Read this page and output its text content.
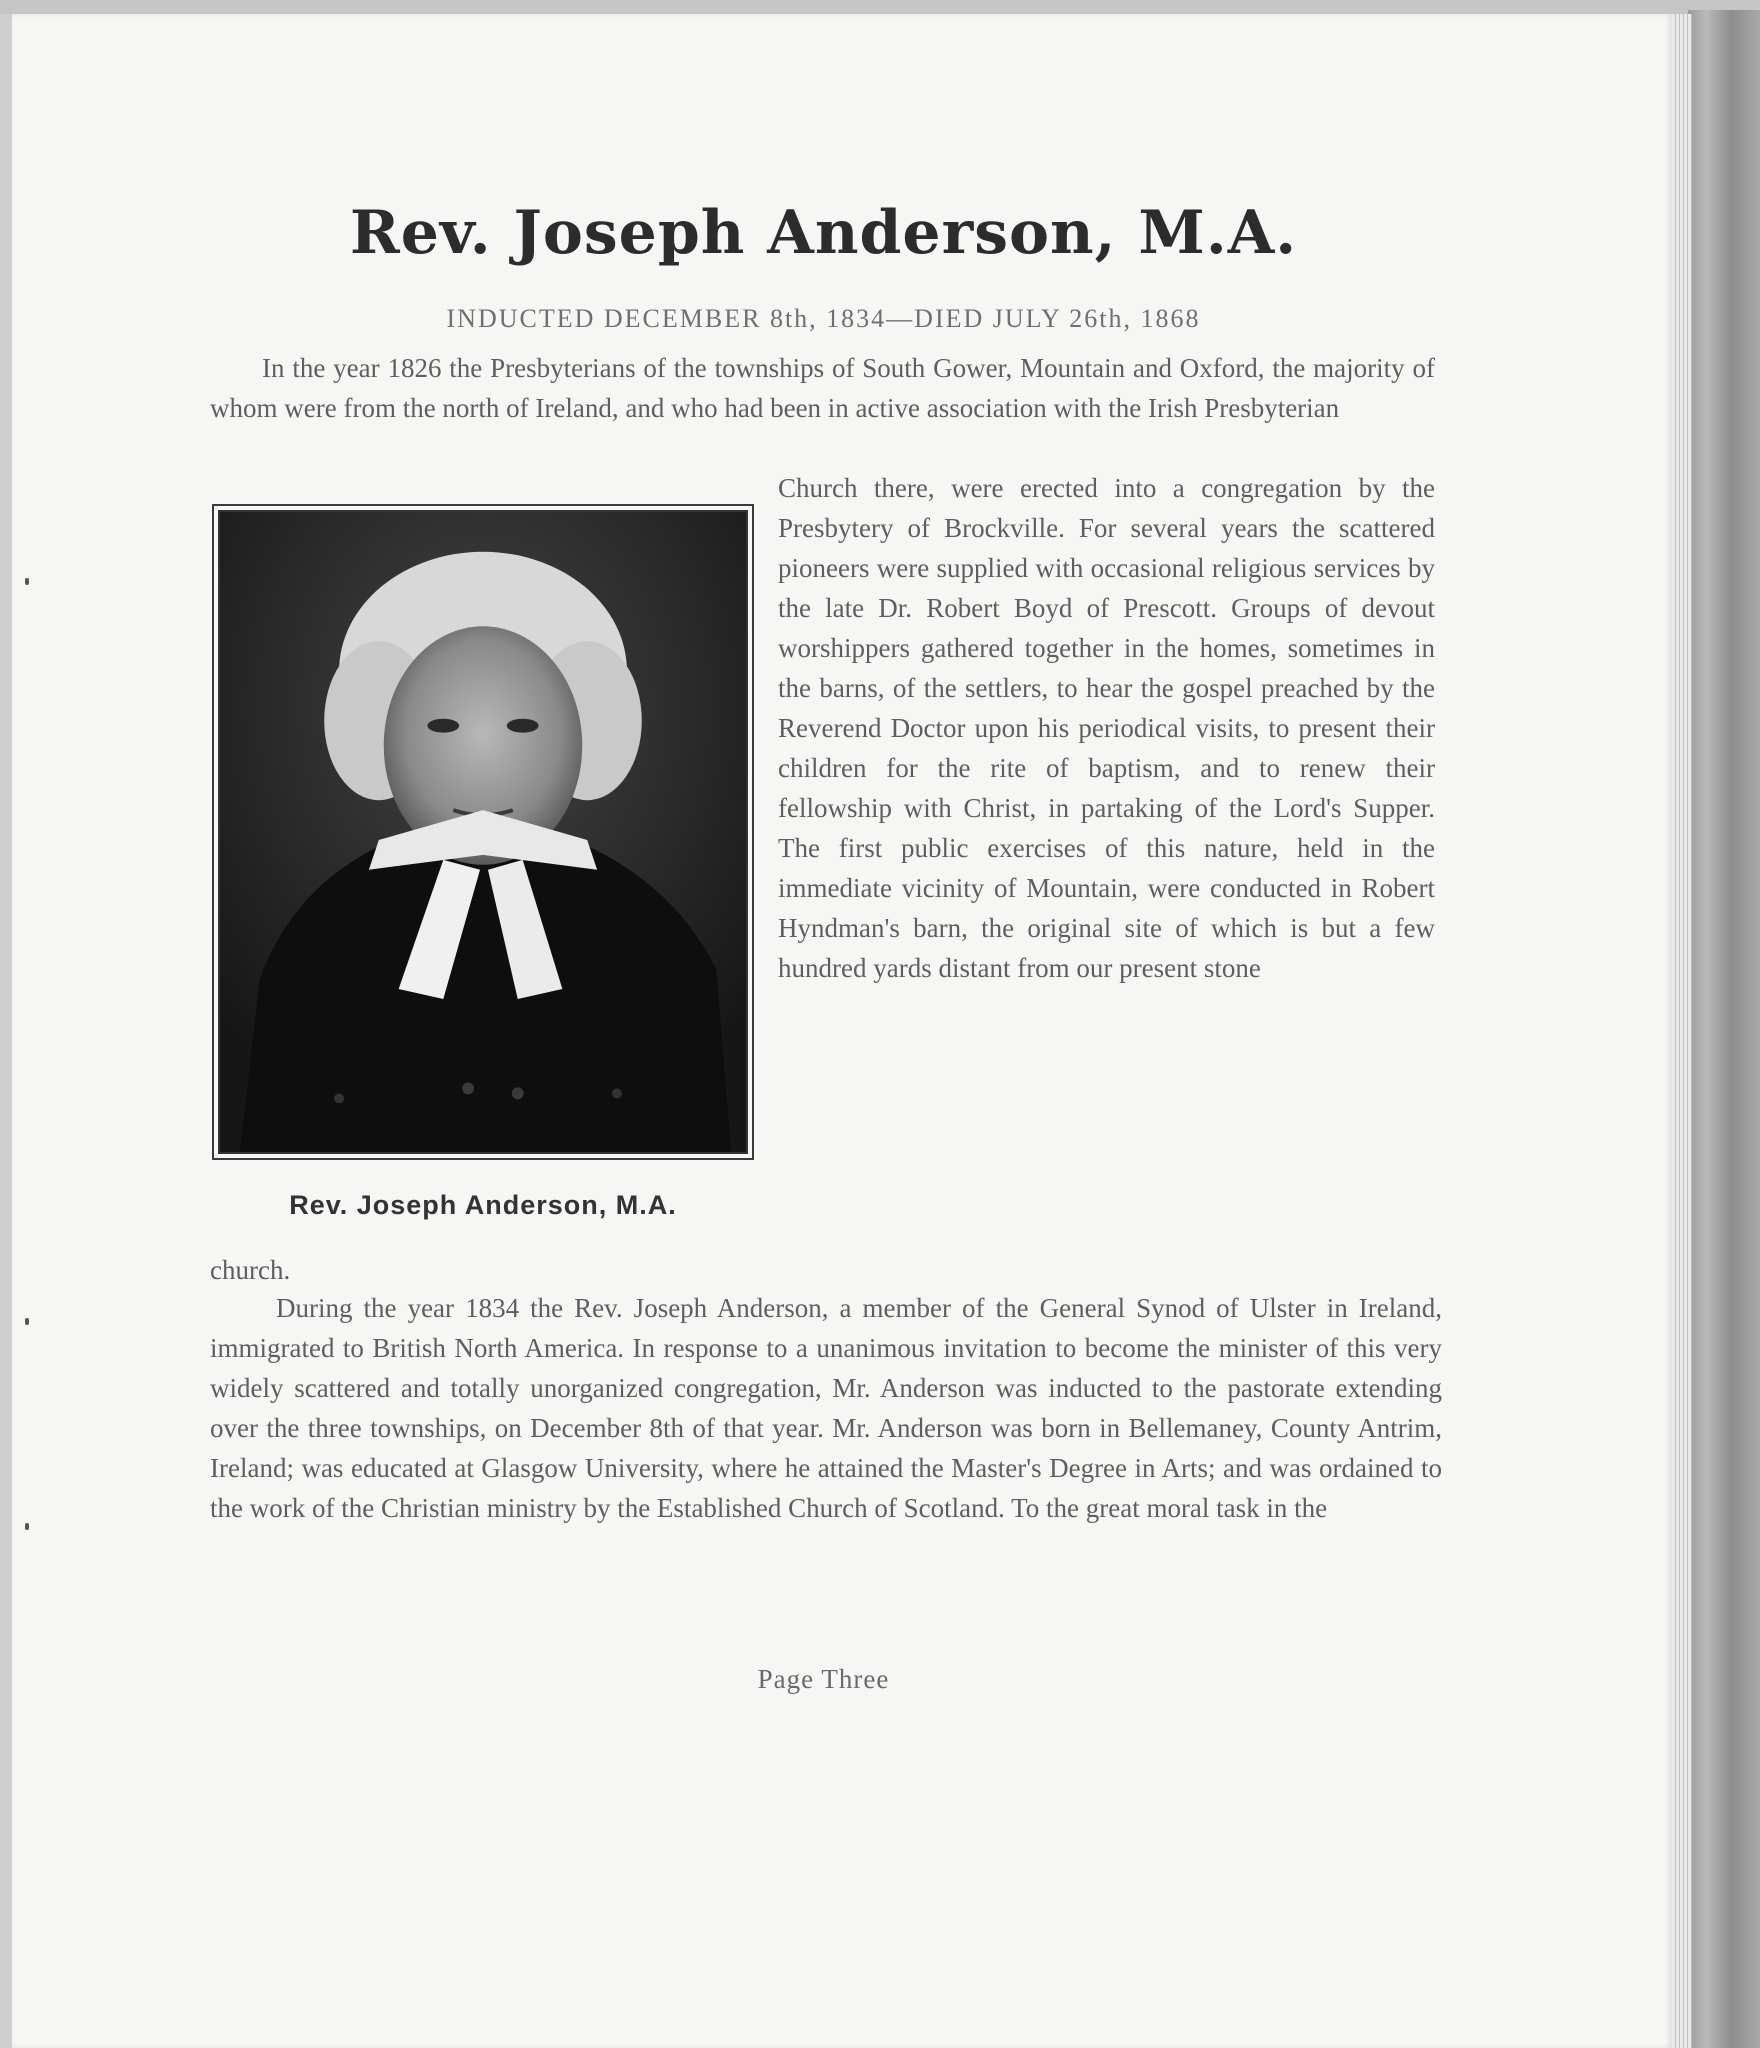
Rev. Joseph Anderson, M.A.

INDUCTED DECEMBER 8th, 1834—DIED JULY 26th, 1868

In the year 1826 the Presbyterians of the townships of South Gower, Mountain and Oxford, the majority of whom were from the north of Ireland, and who had been in active association with the Irish Presbyterian

Rev. Joseph Anderson, M.A.

Church there, were erected into a congregation by the Presbytery of Brockville. For several years the scattered pioneers were supplied with occasional religious services by the late Dr. Robert Boyd of Prescott. Groups of devout worshippers gathered together in the homes, sometimes in the barns, of the settlers, to hear the gospel preached by the Reverend Doctor upon his periodical visits, to present their children for the rite of baptism, and to renew their fellowship with Christ, in partaking of the Lord's Supper. The first public exercises of this nature, held in the immediate vicinity of Mountain, were conducted in Robert Hyndman's barn, the original site of which is but a few hundred yards distant from our present stone

church.

During the year 1834 the Rev. Joseph Anderson, a member of the General Synod of Ulster in Ireland, immigrated to British North America. In response to a unanimous invitation to become the minister of this very widely scattered and totally unorganized congregation, Mr. Anderson was inducted to the pastorate extending over the three townships, on December 8th of that year. Mr. Anderson was born in Bellemaney, County Antrim, Ireland; was educated at Glasgow University, where he attained the Master's Degree in Arts; and was ordained to the work of the Christian ministry by the Established Church of Scotland. To the great moral task in the

Page Three
